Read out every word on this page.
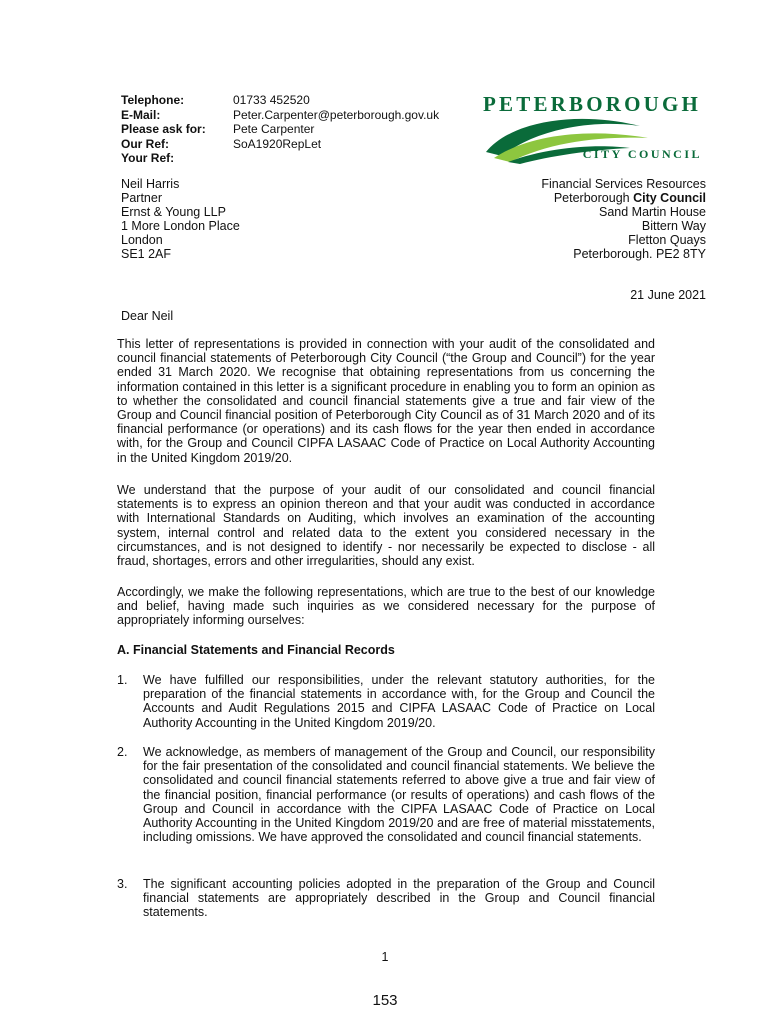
Telephone:	01733 452520
E-Mail:	Peter.Carpenter@peterborough.gov.uk
Please ask for:	Pete Carpenter
Our Ref:	SoA1920RepLet
Your Ref:
PETERBOROUGH
CITY COUNCIL
Neil Harris
Partner
Ernst & Young LLP
1 More London Place
London
SE1 2AF
Financial Services Resources
Peterborough City Council
Sand Martin House
Bittern Way
Fletton Quays
Peterborough. PE2 8TY
21 June 2021
Dear Neil

This letter of representations is provided in connection with your audit of the consolidated and council financial statements of Peterborough City Council (“the Group and Council”) for the year ended 31 March 2020. We recognise that obtaining representations from us concerning the information contained in this letter is a significant procedure in enabling you to form an opinion as to whether the consolidated and council financial statements give a true and fair view of the Group and Council financial position of Peterborough City Council as of 31 March 2020 and of its financial performance (or operations) and its cash flows for the year then ended in accordance with, for the Group and Council CIPFA LASAAC Code of Practice on Local Authority Accounting in the United Kingdom 2019/20.

We understand that the purpose of your audit of our consolidated and council financial statements is to express an opinion thereon and that your audit was conducted in accordance with International Standards on Auditing, which involves an examination of the accounting system, internal control and related data to the extent you considered necessary in the circumstances, and is not designed to identify - nor necessarily be expected to disclose - all fraud, shortages, errors and other irregularities, should any exist.

Accordingly, we make the following representations, which are true to the best of our knowledge and belief, having made such inquiries as we considered necessary for the purpose of appropriately informing ourselves:

A. Financial Statements and Financial Records
1. We have fulfilled our responsibilities, under the relevant statutory authorities, for the preparation of the financial statements in accordance with, for the Group and Council the Accounts and Audit Regulations 2015 and CIPFA LASAAC Code of Practice on Local Authority Accounting in the United Kingdom 2019/20.
2. We acknowledge, as members of management of the Group and Council, our responsibility for the fair presentation of the consolidated and council financial statements. We believe the consolidated and council financial statements referred to above give a true and fair view of the financial position, financial performance (or results of operations) and cash flows of the Group and Council in accordance with the CIPFA LASAAC Code of Practice on Local Authority Accounting in the United Kingdom 2019/20 and are free of material misstatements, including omissions. We have approved the consolidated and council financial statements.
3. The significant accounting policies adopted in the preparation of the Group and Council financial statements are appropriately described in the Group and Council financial statements.
1
153
